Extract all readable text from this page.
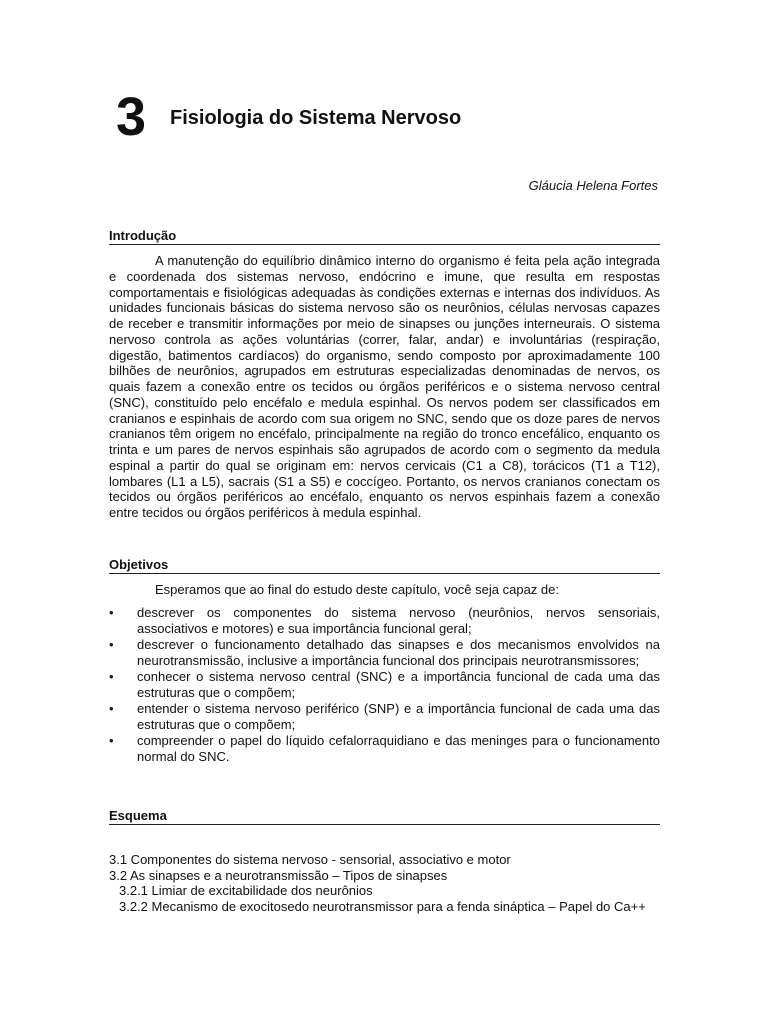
3 Fisiologia do Sistema Nervoso
Gláucia Helena Fortes
Introdução

A manutenção do equilíbrio dinâmico interno do organismo é feita pela ação integrada e coordenada dos sistemas nervoso, endócrino e imune, que resulta em respostas comportamentais e fisiológicas adequadas às condições externas e internas dos indivíduos. As unidades funcionais básicas do sistema nervoso são os neurônios, células nervosas capazes de receber e transmitir informações por meio de sinapses ou junções interneurais. O sistema nervoso controla as ações voluntárias (correr, falar, andar) e involuntárias (respiração, digestão, batimentos cardíacos) do organismo, sendo composto por aproximadamente 100 bilhões de neurônios, agrupados em estruturas especializadas denominadas de nervos, os quais fazem a conexão entre os tecidos ou órgãos periféricos e o sistema nervoso central (SNC), constituído pelo encéfalo e medula espinhal. Os nervos podem ser classificados em cranianos e espinhais de acordo com sua origem no SNC, sendo que os doze pares de nervos cranianos têm origem no encéfalo, principalmente na região do tronco encefálico, enquanto os trinta e um pares de nervos espinhais são agrupados de acordo com o segmento da medula espinal a partir do qual se originam em: nervos cervicais (C1 a C8), torácicos (T1 a T12), lombares (L1 a L5), sacrais (S1 a S5) e coccígeo. Portanto, os nervos cranianos conectam os tecidos ou órgãos periféricos ao encéfalo, enquanto os nervos espinhais fazem a conexão entre tecidos ou órgãos periféricos à medula espinhal.

Objetivos

Esperamos que ao final do estudo deste capítulo, você seja capaz de:

• descrever os componentes do sistema nervoso (neurônios, nervos sensoriais, associativos e motores) e sua importância funcional geral;
• descrever o funcionamento detalhado das sinapses e dos mecanismos envolvidos na neurotransmissão, inclusive a importância funcional dos principais neurotransmissores;
• conhecer o sistema nervoso central (SNC) e a importância funcional de cada uma das estruturas que o compõem;
• entender o sistema nervoso periférico (SNP) e a importância funcional de cada uma das estruturas que o compõem;
• compreender o papel do líquido cefalorraquidiano e das meninges para o funcionamento normal do SNC.
Esquema
3.1 Componentes do sistema nervoso - sensorial, associativo e motor
3.2 As sinapses e a neurotransmissão – Tipos de sinapses
3.2.1 Limiar de excitabilidade dos neurônios
3.2.2 Mecanismo de exocitosedo neurotransmissor para a fenda sináptica – Papel do Ca++
